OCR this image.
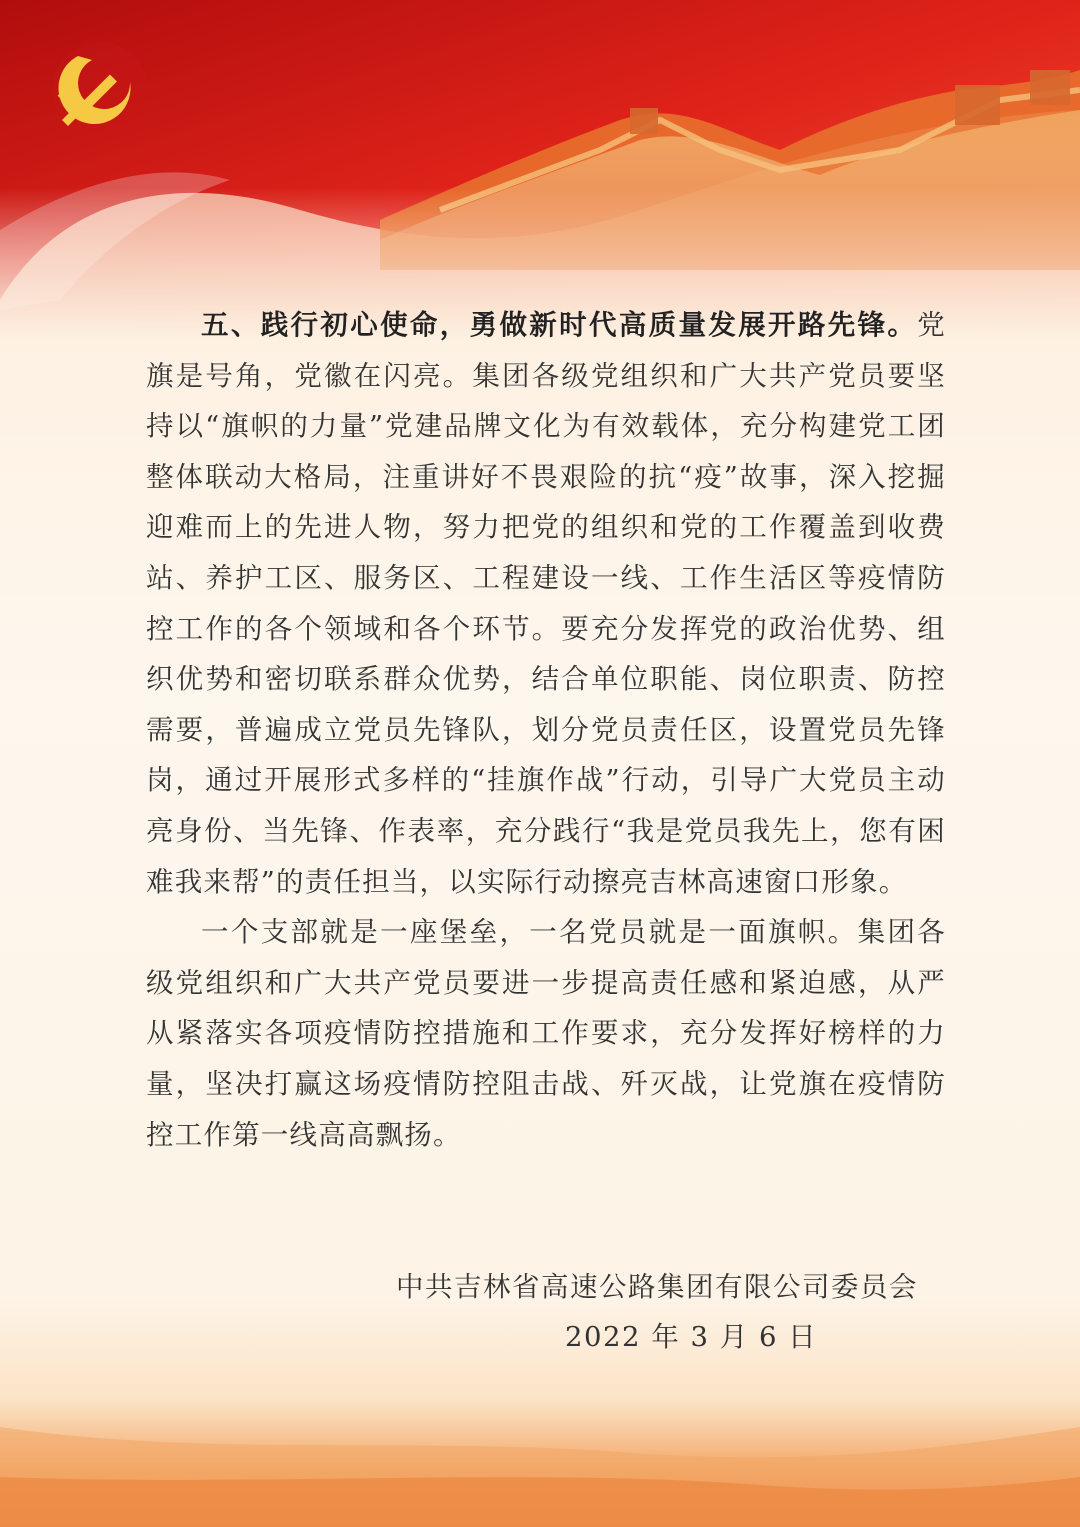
五、践行初心使命，勇做新时代高质量发展开路先锋。党旗是号角，党徽在闪亮。集团各级党组织和广大共产党员要坚持以“旗帜的力量”党建品牌文化为有效载体，充分构建党工团整体联动大格局，注重讲好不畏艰险的抗“疫”故事，深入挖掘迎难而上的先进人物，努力把党的组织和党的工作覆盖到收费站、养护工区、服务区、工程建设一线、工作生活区等疫情防控工作的各个领域和各个环节。要充分发挥党的政治优势、组织优势和密切联系群众优势，结合单位职能、岗位职责、防控需要，普遍成立党员先锋队，划分党员责任区，设置党员先锋岗，通过开展形式多样的“挂旗作战”行动，引导广大党员主动亮身份、当先锋、作表率，充分践行“我是党员我先上，您有困难我来帮”的责任担当，以实际行动擦亮吉林高速窗口形象。

一个支部就是一座堡垒，一名党员就是一面旗帜。集团各级党组织和广大共产党员要进一步提高责任感和紧迫感，从严从紧落实各项疫情防控措施和工作要求，充分发挥好榜样的力量，坚决打赢这场疫情防控阻击战、歼灭战，让党旗在疫情防控工作第一线高高飘扬。

中共吉林省高速公路集团有限公司委员会
2022 年 3 月 6 日
